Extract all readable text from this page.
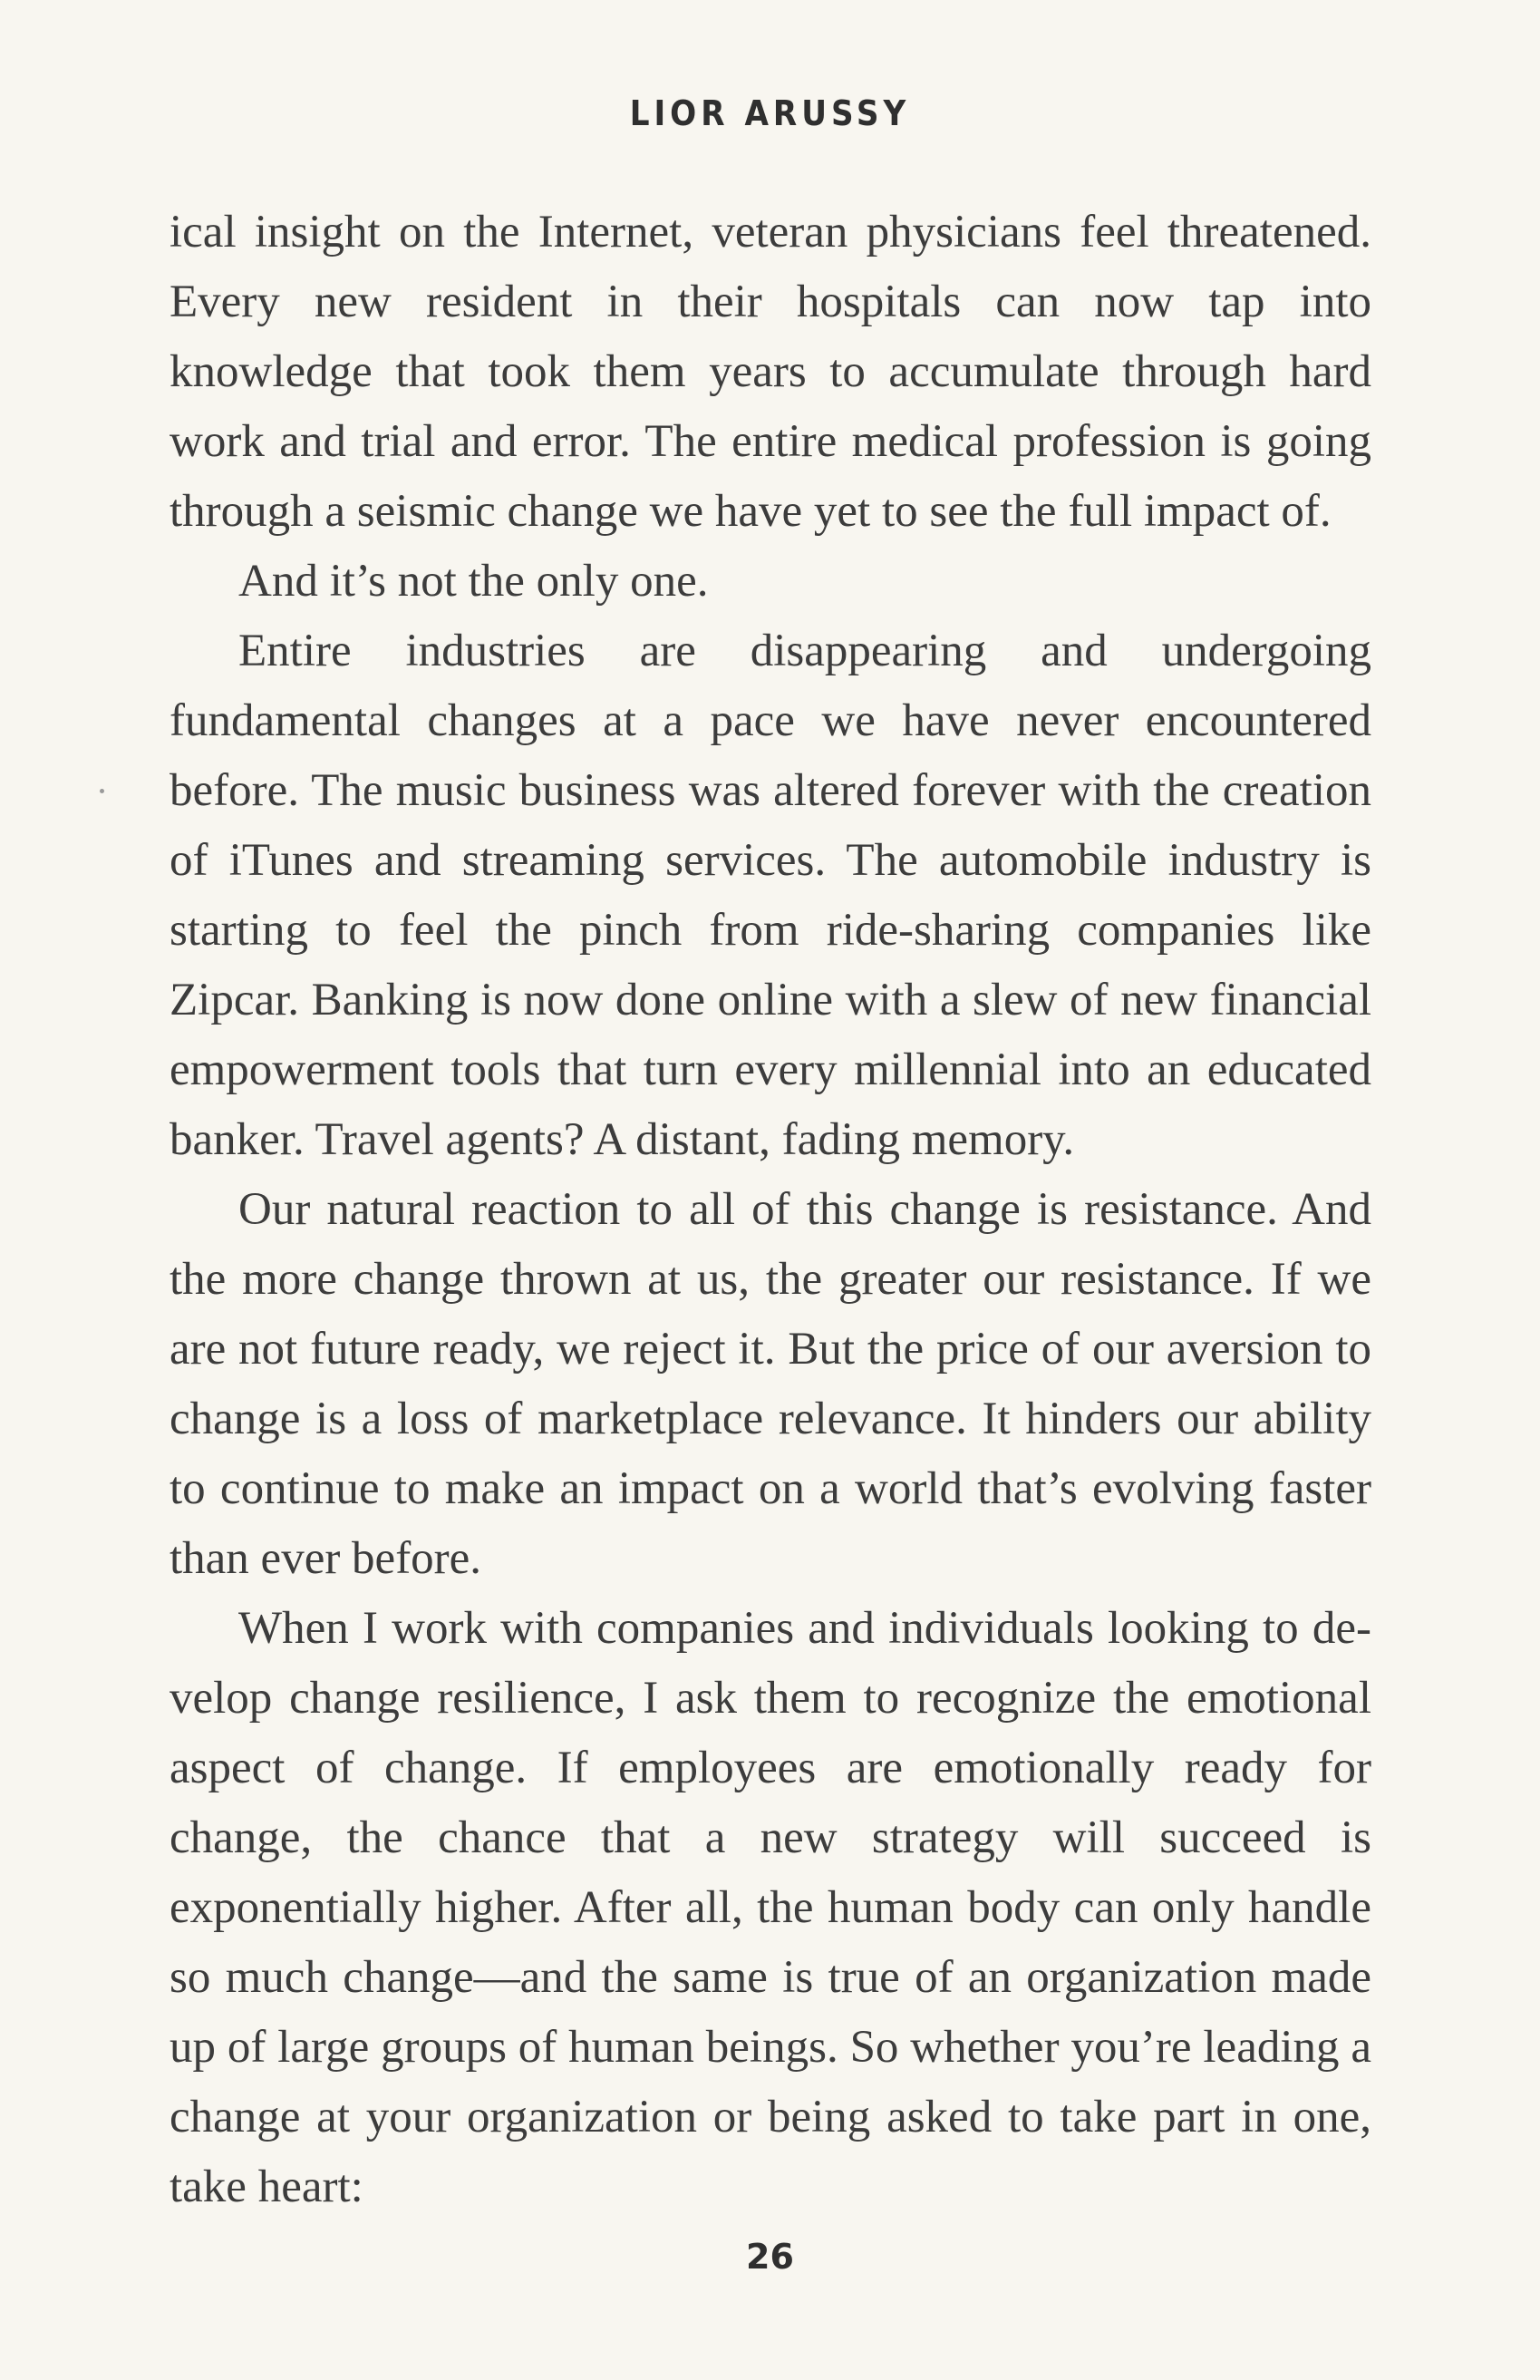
LIOR ARUSSY

ical insight on the Internet, veteran physicians feel threatened. Every new resident in their hospitals can now tap into knowledge that took them years to accumulate through hard work and trial and error. The entire medical profession is going through a seismic change we have yet to see the full impact of.

And it’s not the only one.

Entire industries are disappearing and undergoing fundamental changes at a pace we have never encountered before. The music business was altered forever with the creation of iTunes and streaming services. The automobile industry is starting to feel the pinch from ride-sharing companies like Zipcar. Banking is now done online with a slew of new financial empowerment tools that turn every millennial into an educated banker. Travel agents? A distant, fading memory.

Our natural reaction to all of this change is resistance. And the more change thrown at us, the greater our resistance. If we are not future ready, we reject it. But the price of our aversion to change is a loss of marketplace relevance. It hinders our ability to continue to make an impact on a world that’s evolving faster than ever before.

When I work with companies and individuals looking to develop change resilience, I ask them to recognize the emotional aspect of change. If employees are emotionally ready for change, the chance that a new strategy will succeed is exponentially higher. After all, the human body can only handle so much change—and the same is true of an organization made up of large groups of human beings. So whether you’re leading a change at your organization or being asked to take part in one, take heart:

26
